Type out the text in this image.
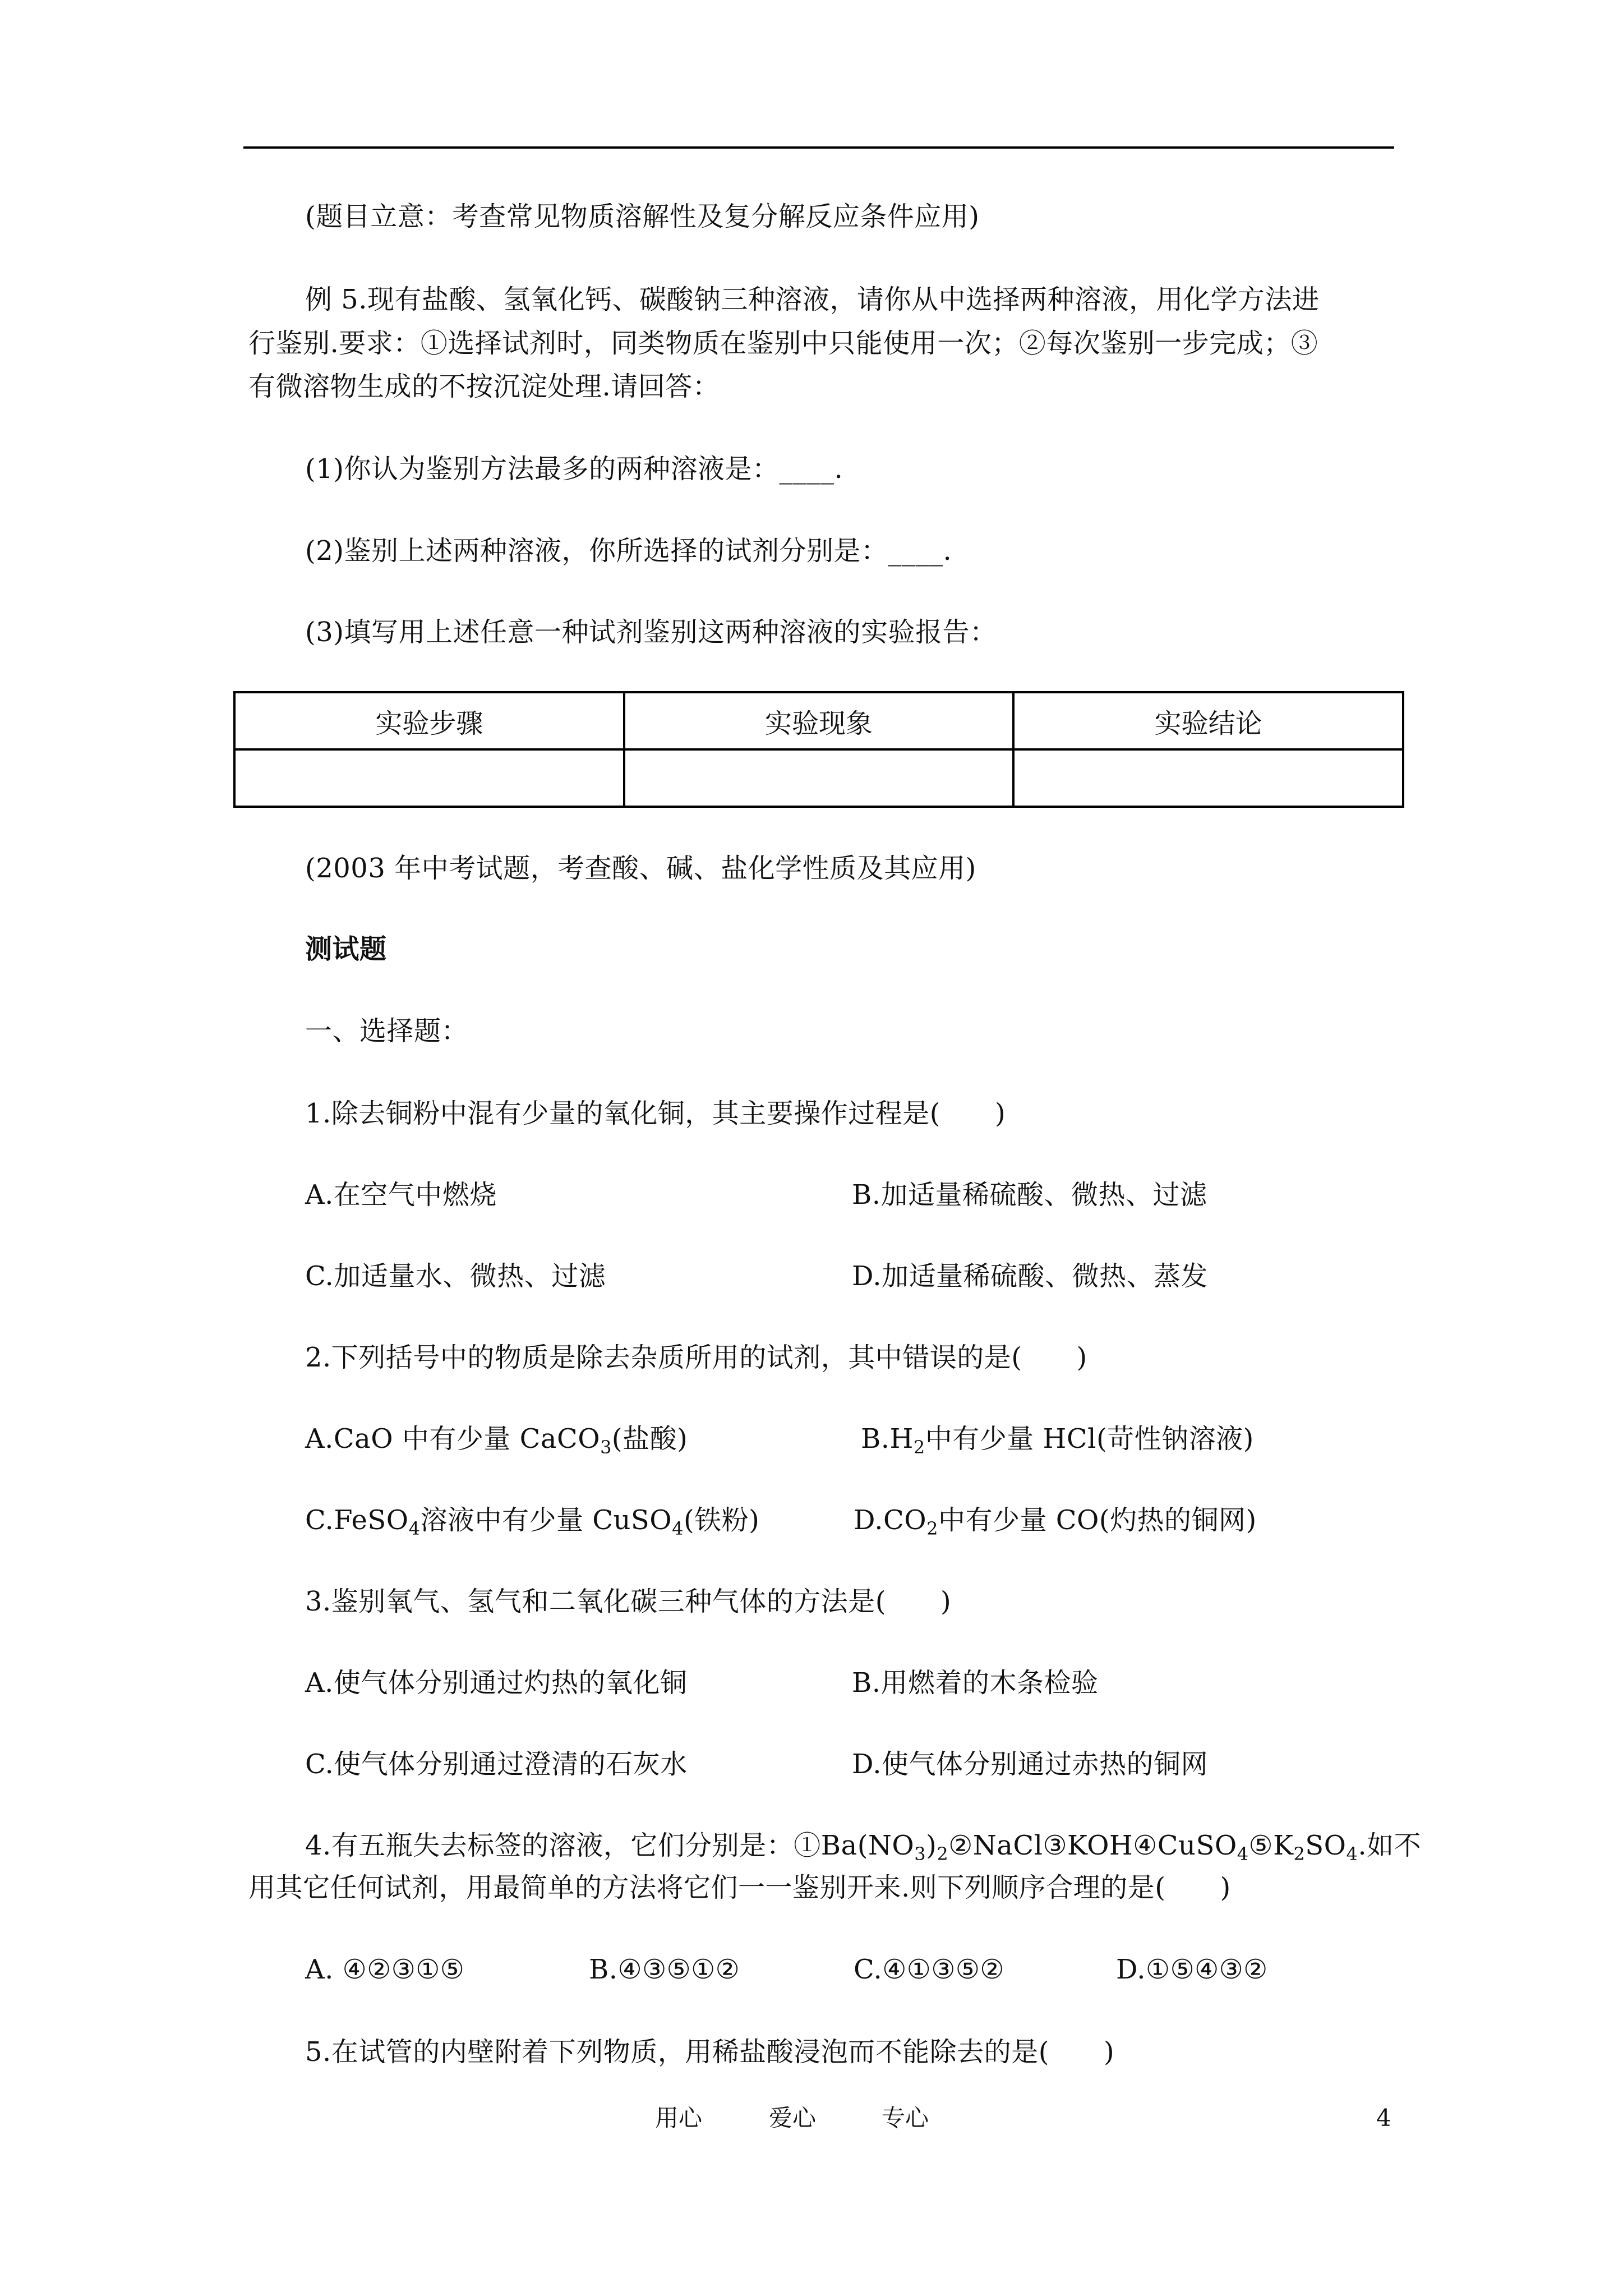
(题目立意：考查常见物质溶解性及复分解反应条件应用)
例 5.现有盐酸、氢氧化钙、碳酸钠三种溶液，请你从中选择两种溶液，用化学方法进
行鉴别.要求：①选择试剂时，同类物质在鉴别中只能使用一次；②每次鉴别一步完成；③
有微溶物生成的不按沉淀处理.请回答：
(1)你认为鉴别方法最多的两种溶液是：____.
(2)鉴别上述两种溶液，你所选择的试剂分别是：____.
(3)填写用上述任意一种试剂鉴别这两种溶液的实验报告：
实验步骤	实验现象	实验结论

(2003 年中考试题，考查酸、碱、盐化学性质及其应用)
测试题
一、选择题：
1.除去铜粉中混有少量的氧化铜，其主要操作过程是(　　)
A.在空气中燃烧	B.加适量稀硫酸、微热、过滤
C.加适量水、微热、过滤	D.加适量稀硫酸、微热、蒸发
2.下列括号中的物质是除去杂质所用的试剂，其中错误的是(　　)
A.CaO 中有少量 CaCO$_3$(盐酸)	$B.H_2$中有少量 HCl(苛性钠溶液)
C.FeSO$_4$溶液中有少量 CuSO$_4$(铁粉)	$D.CO_2$中有少量 CO(灼热的铜网)
3.鉴别氧气、氢气和二氧化碳三种气体的方法是(　　)
A.使气体分别通过灼热的氧化铜	B.用燃着的木条检验
C.使气体分别通过澄清的石灰水	D.使气体分别通过赤热的铜网
4.有五瓶失去标签的溶液，它们分别是：$①Ba(NO_3)_2②NaCl③KOH④CuSO_4⑤K_2SO_4$.如不
用其它任何试剂，用最简单的方法将它们一一鉴别开来.则下列顺序合理的是(　　)
A. ④②③①⑤	B.④③⑤①②	C.④①③⑤②	D.①⑤④③②
5.在试管的内壁附着下列物质，用稀盐酸浸泡而不能除去的是(　　)
用心	爱心	专心	4
